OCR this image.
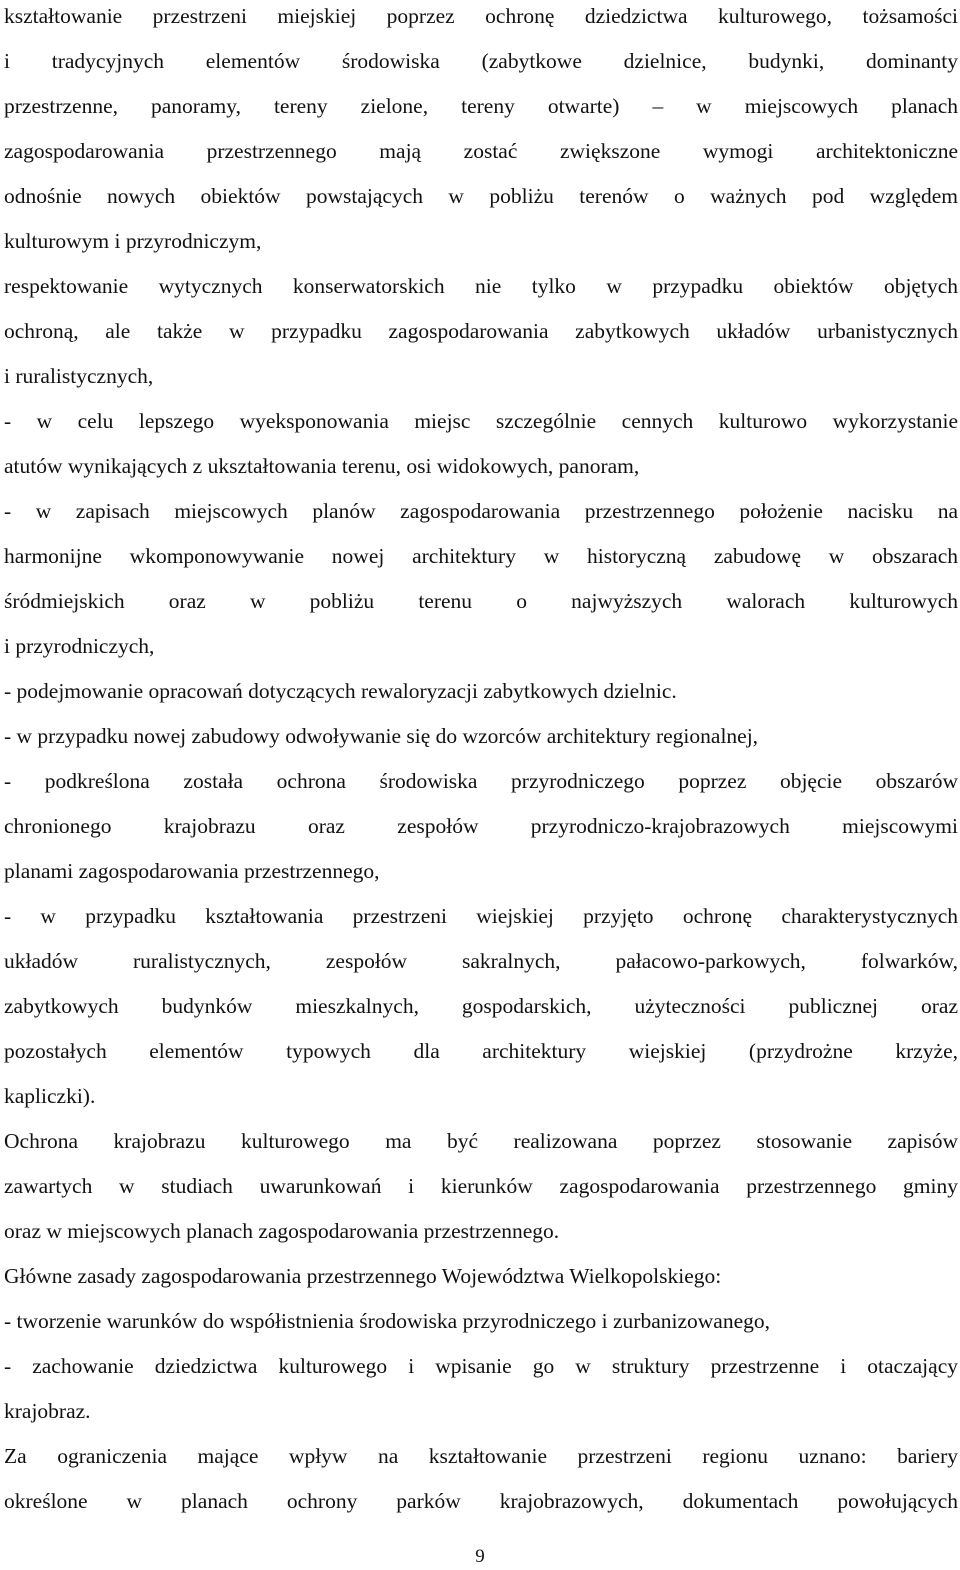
kształtowanie przestrzeni miejskiej poprzez ochronę dziedzictwa kulturowego, tożsamości
i tradycyjnych elementów środowiska (zabytkowe dzielnice, budynki, dominanty
przestrzenne, panoramy, tereny zielone, tereny otwarte) – w miejscowych planach
zagospodarowania przestrzennego mają zostać zwiększone wymogi architektoniczne
odnośnie nowych obiektów powstających w pobliżu terenów o ważnych pod względem
kulturowym i przyrodniczym,
respektowanie wytycznych konserwatorskich nie tylko w przypadku obiektów objętych
ochroną, ale także w przypadku zagospodarowania zabytkowych układów urbanistycznych
i ruralistycznych,
- w celu lepszego wyeksponowania miejsc szczególnie cennych kulturowo wykorzystanie
atutów wynikających z ukształtowania terenu, osi widokowych, panoram,
- w zapisach miejscowych planów zagospodarowania przestrzennego położenie nacisku na
harmonijne wkomponowywanie nowej architektury w historyczną zabudowę w obszarach
śródmiejskich oraz w pobliżu terenu o najwyższych walorach kulturowych
i przyrodniczych,
- podejmowanie opracowań dotyczących rewaloryzacji zabytkowych dzielnic.
- w przypadku nowej zabudowy odwoływanie się do wzorców architektury regionalnej,
- podkreślona została ochrona środowiska przyrodniczego poprzez objęcie obszarów
chronionego krajobrazu oraz zespołów przyrodniczo-krajobrazowych miejscowymi
planami zagospodarowania przestrzennego,
- w przypadku kształtowania przestrzeni wiejskiej przyjęto ochronę charakterystycznych
układów ruralistycznych, zespołów sakralnych, pałacowo-parkowych, folwarków,
zabytkowych budynków mieszkalnych, gospodarskich, użyteczności publicznej oraz
pozostałych elementów typowych dla architektury wiejskiej (przydrożne krzyże,
kapliczki).
Ochrona krajobrazu kulturowego ma być realizowana poprzez stosowanie zapisów
zawartych w studiach uwarunkowań i kierunków zagospodarowania przestrzennego gminy
oraz w miejscowych planach zagospodarowania przestrzennego.
Główne zasady zagospodarowania przestrzennego Województwa Wielkopolskiego:
- tworzenie warunków do współistnienia środowiska przyrodniczego i zurbanizowanego,
- zachowanie dziedzictwa kulturowego i wpisanie go w struktury przestrzenne i otaczający
krajobraz.
Za ograniczenia mające wpływ na kształtowanie przestrzeni regionu uznano: bariery
określone w planach ochrony parków krajobrazowych, dokumentach powołujących
9
